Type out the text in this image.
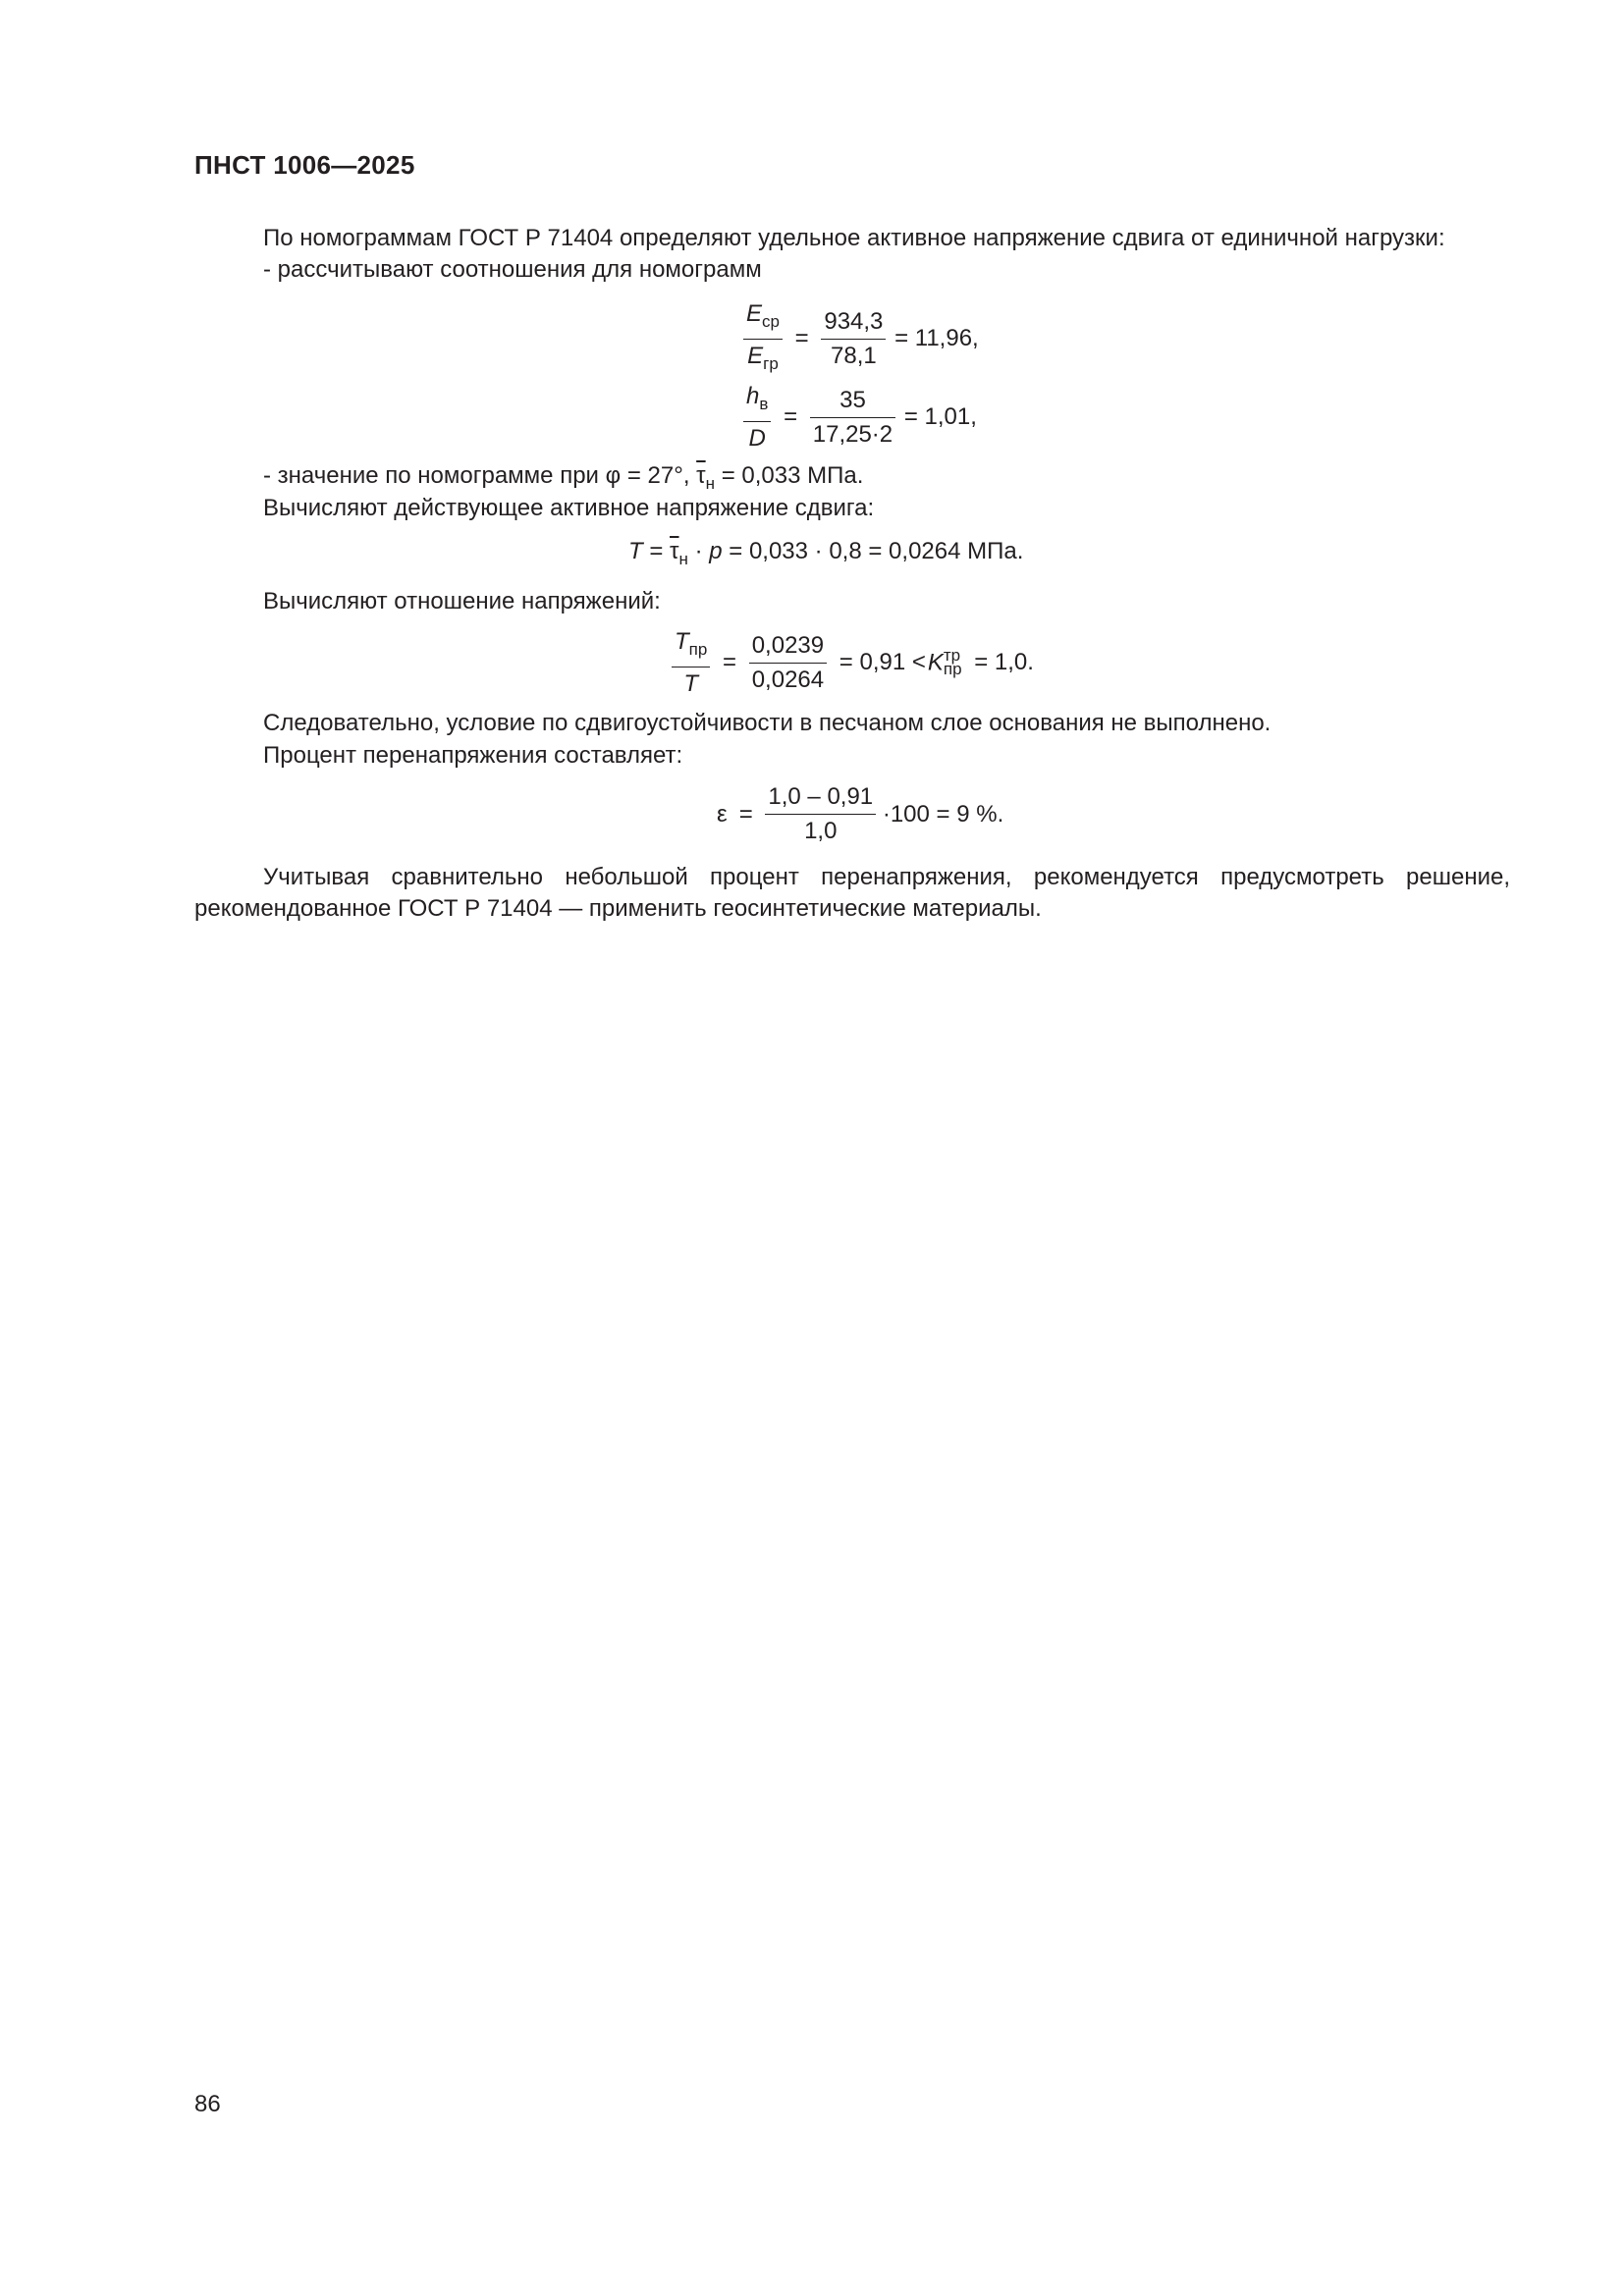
ПНСТ 1006—2025
По номограммам ГОСТ Р 71404 определяют удельное активное напряжение сдвига от единичной нагрузки:
- рассчитывают соотношения для номограмм
$\frac{E_{ср}}{E_{гр}} = \frac{934,3}{78,1} = 11,96$,
$\frac{h_в}{D} = \frac{35}{17,25\cdot 2} = 1,01$,
- значение по номограмме при φ = 27°, $\overline{\tau}_н = 0,033$ МПа.
Вычисляют действующее активное напряжение сдвига:
$T = \overline{\tau}_н \cdot p = 0,033 \cdot 0,8 = 0,0264$ МПа.
Вычисляют отношение напряжений:
$\frac{T_{пр}}{T} = \frac{0,0239}{0,0264} = 0,91 <K$ тр
пр = 1,0.
Следовательно, условие по сдвигоустойчивости в песчаном слое основания не выполнено.
Процент перенапряжения составляет:
$\varepsilon = \frac{1,0 - 0,91}{1,0} \cdot 100 = 9$ %.
Учитывая сравнительно небольшой процент перенапряжения, рекомендуется предусмотреть решение, рекомендованное ГОСТ Р 71404 — применить геосинтетические материалы.
86
